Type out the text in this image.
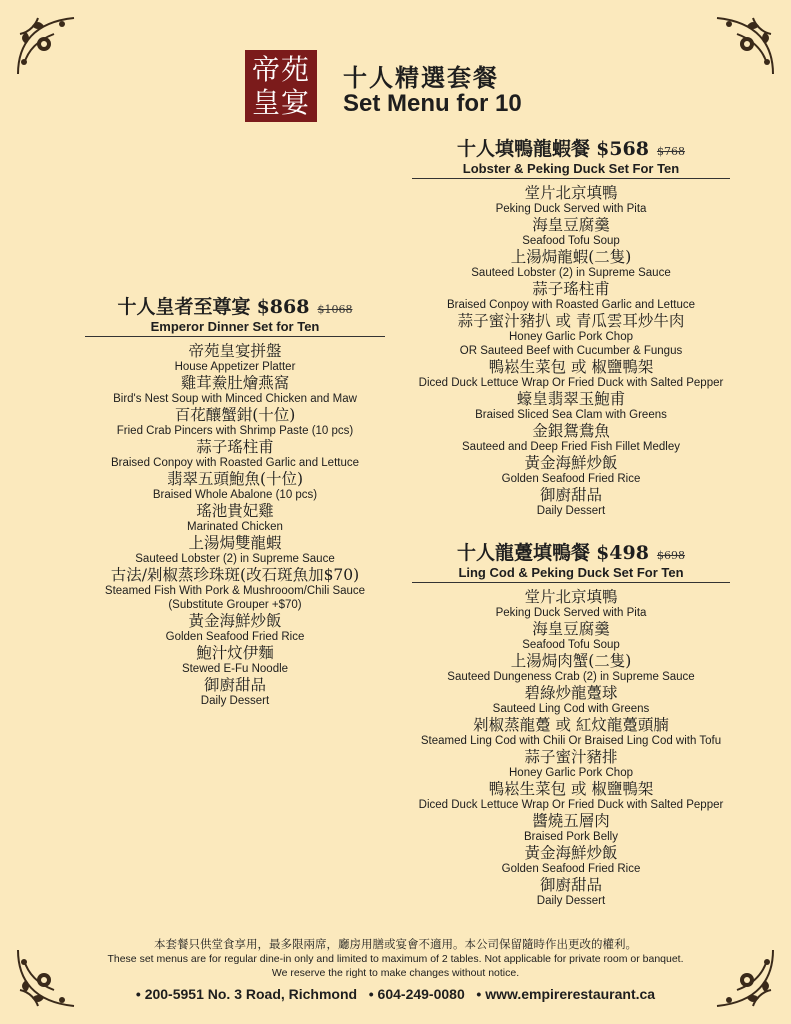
帝苑
皇宴
十人精選套餐
Set Menu for 10
十人皇者至尊宴 $868 $1068
Emperor Dinner Set for Ten
帝苑皇宴拼盤
House Appetizer Platter
雞茸鮝肚燴燕窩
Bird's Nest Soup with Minced Chicken and Maw
百花釀蟹鉗(十位)
Fried Crab Pincers with Shrimp Paste (10 pcs)
蒜子瑤柱甫
Braised Conpoy with Roasted Garlic and Lettuce
翡翠五頭鮑魚(十位)
Braised Whole Abalone (10 pcs)
瑤池貴妃雞
Marinated Chicken
上湯焗雙龍蝦
Sauteed Lobster (2) in Supreme Sauce
古法/剁椒蒸珍珠斑(改石斑魚加$70)
Steamed Fish With Pork & Mushrooom/Chili Sauce
(Substitute Grouper +$70)
黃金海鮮炒飯
Golden Seafood Fried Rice
鮑汁炆伊麵
Stewed E-Fu Noodle
御廚甜品
Daily Dessert
十人填鴨龍蝦餐 $568 $768
Lobster & Peking Duck Set For Ten
堂片北京填鴨
Peking Duck Served with Pita
海皇豆腐羹
Seafood Tofu Soup
上湯焗龍蝦(二隻)
Sauteed Lobster (2) in Supreme Sauce
蒜子瑤柱甫
Braised Conpoy with Roasted Garlic and Lettuce
蒜子蜜汁豬扒 或 青瓜雲耳炒牛肉
Honey Garlic Pork Chop
OR Sauteed Beef with Cucumber & Fungus
鴨崧生菜包 或 椒鹽鴨架
Diced Duck Lettuce Wrap Or Fried Duck with Salted Pepper
蠔皇翡翠玉鮑甫
Braised Sliced Sea Clam with Greens
金銀鴛鴦魚
Sauteed and Deep Fried Fish Fillet Medley
黃金海鮮炒飯
Golden Seafood Fried Rice
御廚甜品
Daily Dessert
十人龍躉填鴨餐 $498 $698
Ling Cod & Peking Duck Set For Ten
堂片北京填鴨
Peking Duck Served with Pita
海皇豆腐羹
Seafood Tofu Soup
上湯焗肉蟹(二隻)
Sauteed Dungeness Crab (2) in Supreme Sauce
碧綠炒龍躉球
Sauteed Ling Cod with Greens
剁椒蒸龍躉 或 紅炆龍躉頭腩
Steamed Ling Cod with Chili Or Braised Ling Cod with Tofu
蒜子蜜汁豬排
Honey Garlic Pork Chop
鴨崧生菜包 或 椒鹽鴨架
Diced Duck Lettuce Wrap Or Fried Duck with Salted Pepper
醬燒五層肉
Braised Pork Belly
黃金海鮮炒飯
Golden Seafood Fried Rice
御廚甜品
Daily Dessert
本套餐只供堂食享用，最多限兩席，廳房用膳或宴會不適用。本公司保留隨時作出更改的權利。
These set menus are for regular dine-in only and limited to maximum of 2 tables. Not applicable for private room or banquet.
We reserve the right to make changes without notice.
• 200-5951 No. 3 Road, Richmond • 604-249-0080 • www.empirerestaurant.ca
